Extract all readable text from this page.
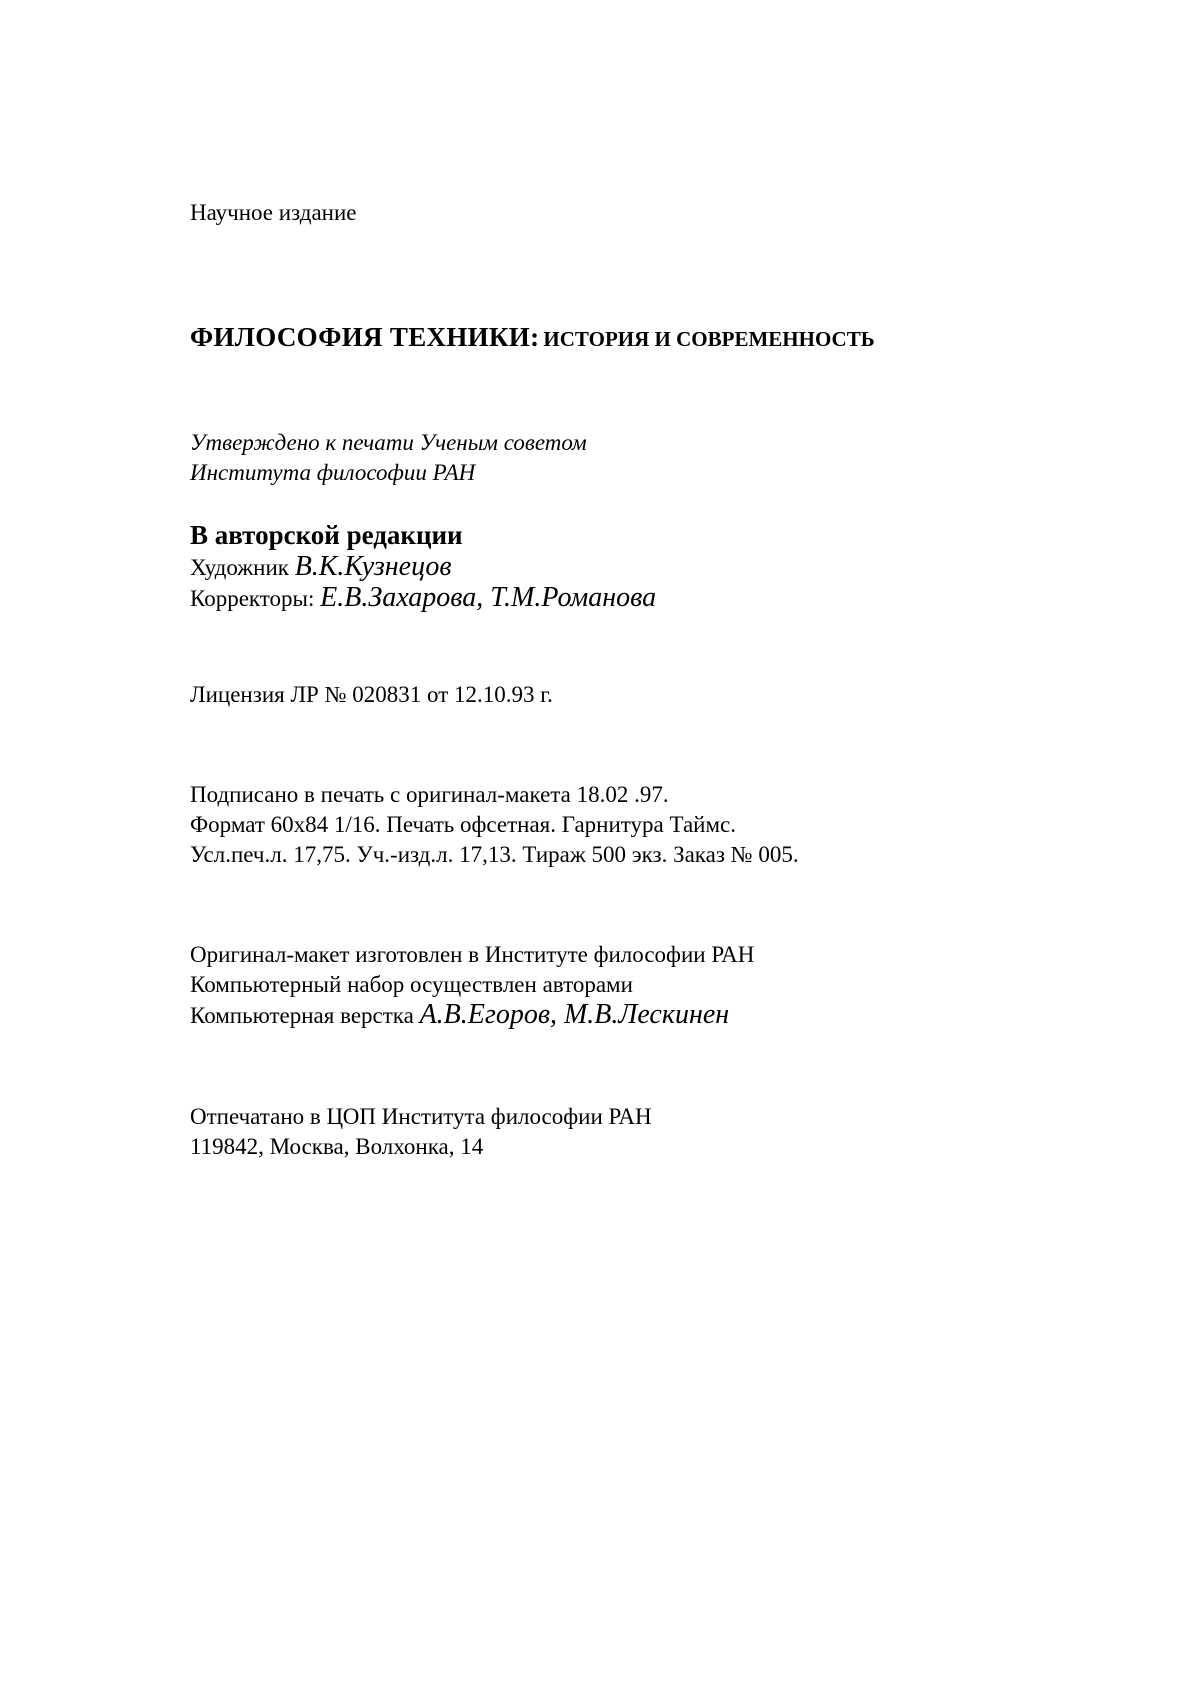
Научное издание
ФИЛОСОФИЯ ТЕХНИКИ: ИСТОРИЯ И СОВРЕМЕННОСТЬ
Утверждено к печати Ученым советом
Института философии РАН
В авторской редакции
Художник В.К.Кузнецов
Корректоры: Е.В.Захарова, Т.М.Романова
Лицензия ЛР № 020831 от 12.10.93 г.
Подписано в печать с оригинал-макета 18.02 .97.
Формат 60х84 1/16. Печать офсетная. Гарнитура Таймс.
Усл.печ.л. 17,75. Уч.-изд.л. 17,13. Тираж 500 экз. Заказ № 005.
Оригинал-макет изготовлен в Институте философии РАН
Компьютерный набор осуществлен авторами
Компьютерная верстка А.В.Егоров, М.В.Лескинен
Отпечатано в ЦОП Института философии РАН
119842, Москва, Волхонка, 14
